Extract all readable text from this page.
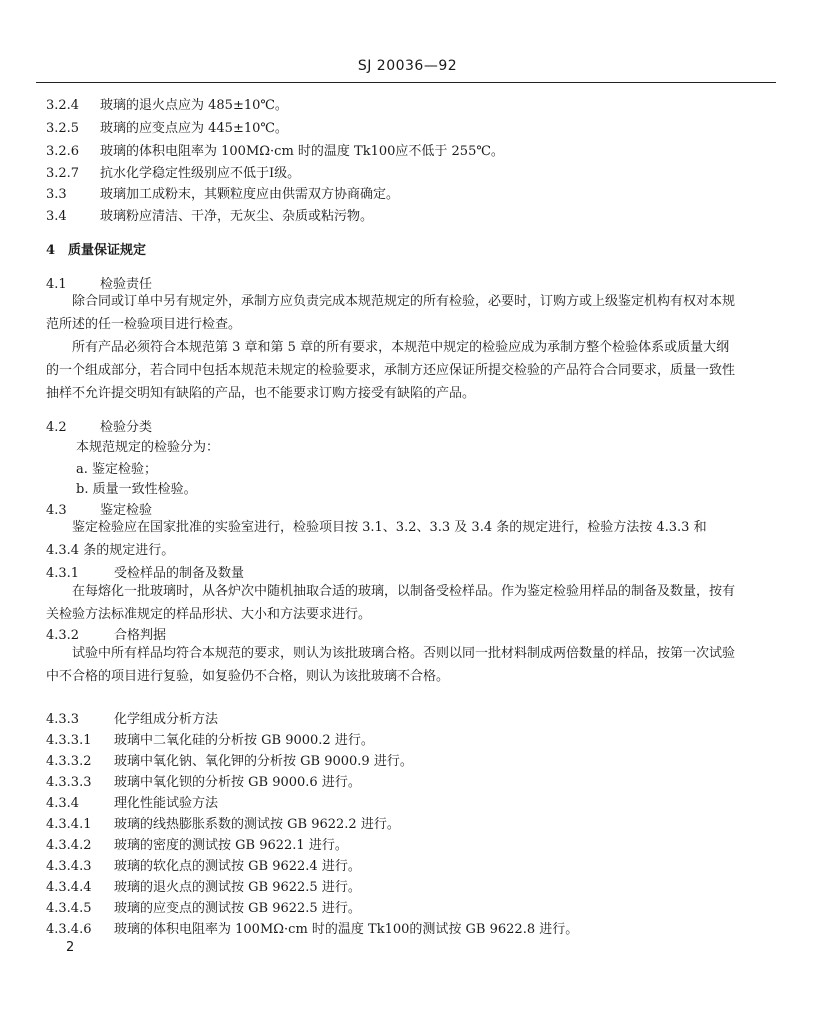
SJ 20036—92
3.2.4 玻璃的退火点应为 485±10℃。
3.2.5 玻璃的应变点应为 445±10℃。
3.2.6 玻璃的体积电阻率为 100MΩ·cm 时的温度 Tk100应不低于 255℃。
3.2.7 抗水化学稳定性级别应不低于Ⅰ级。
3.3	玻璃加工成粉末，其颗粒度应由供需双方协商确定。
3.4	玻璃粉应清洁、干净，无灰尘、杂质或粘污物。
4 质量保证规定
4.1	检验责任
除合同或订单中另有规定外，承制方应负责完成本规范规定的所有检验，必要时，订购方或上级鉴定机构有权对本规范所述的任一检验项目进行检查。
所有产品必须符合本规范第 3 章和第 5 章的所有要求，本规范中规定的检验应成为承制方整个检验体系或质量大纲的一个组成部分，若合同中包括本规范未规定的检验要求，承制方还应保证所提交检验的产品符合合同要求，质量一致性抽样不允许提交明知有缺陷的产品，也不能要求订购方接受有缺陷的产品。
4.2	检验分类
本规范规定的检验分为：
a. 鉴定检验；
b. 质量一致性检验。
4.3	鉴定检验
鉴定检验应在国家批准的实验室进行，检验项目按 3.1、3.2、3.3 及 3.4 条的规定进行，检验方法按 4.3.3 和 4.3.4 条的规定进行。
4.3.1	受检样品的制备及数量
在每熔化一批玻璃时，从各炉次中随机抽取合适的玻璃，以制备受检样品。作为鉴定检验用样品的制备及数量，按有关检验方法标准规定的样品形状、大小和方法要求进行。
4.3.2	合格判据
试验中所有样品均符合本规范的要求，则认为该批玻璃合格。否则以同一批材料制成两倍数量的样品，按第一次试验中不合格的项目进行复验，如复验仍不合格，则认为该批玻璃不合格。
4.3.3	化学组成分析方法
4.3.3.1 玻璃中二氧化硅的分析按 GB 9000.2 进行。
4.3.3.2 玻璃中氧化钠、氧化钾的分析按 GB 9000.9 进行。
4.3.3.3 玻璃中氧化钡的分析按 GB 9000.6 进行。
4.3.4	理化性能试验方法
4.3.4.1 玻璃的线热膨胀系数的测试按 GB 9622.2 进行。
4.3.4.2 玻璃的密度的测试按 GB 9622.1 进行。
4.3.4.3 玻璃的软化点的测试按 GB 9622.4 进行。
4.3.4.4 玻璃的退火点的测试按 GB 9622.5 进行。
4.3.4.5 玻璃的应变点的测试按 GB 9622.5 进行。
4.3.4.6 玻璃的体积电阻率为 100MΩ·cm 时的温度 Tk100的测试按 GB 9622.8 进行。
2
